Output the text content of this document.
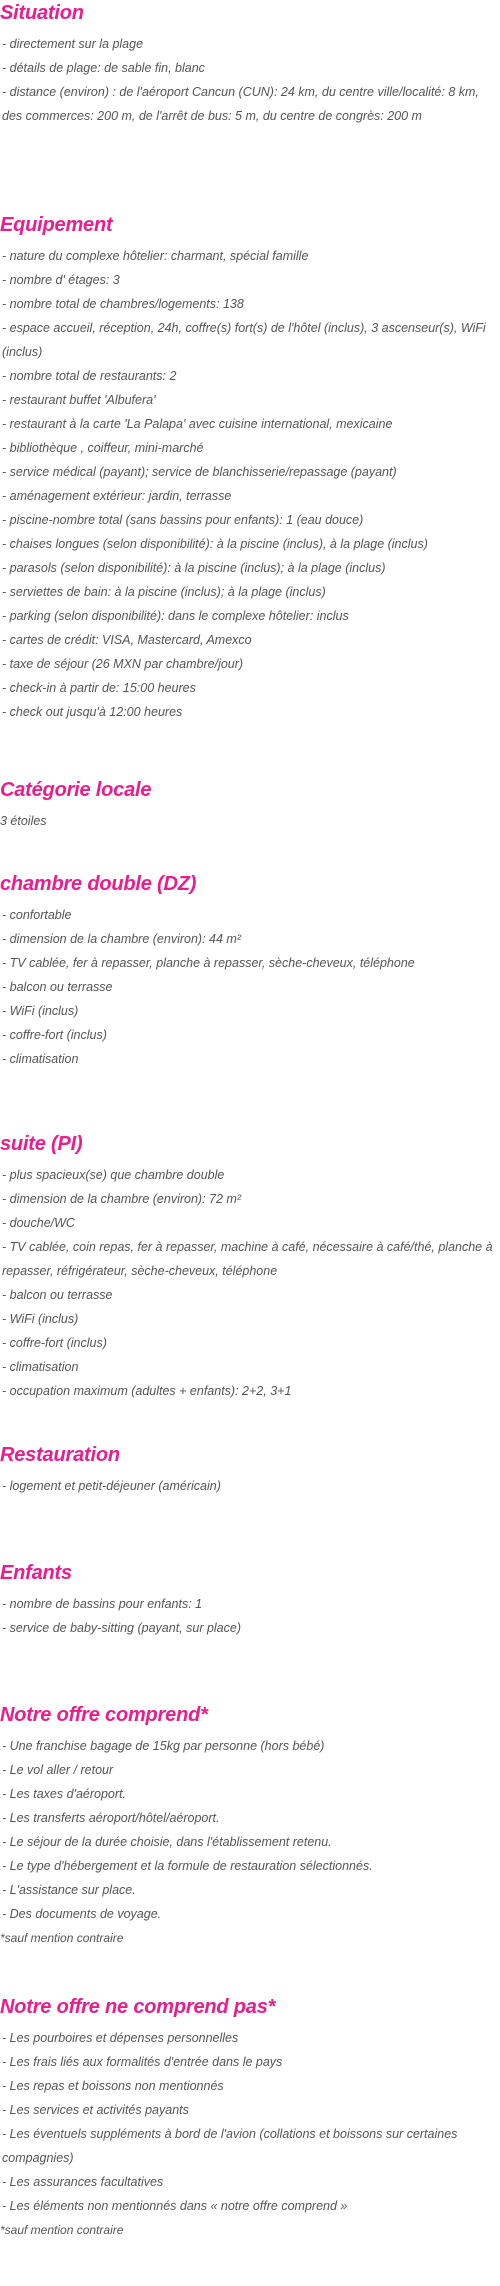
Situation
- directement sur la plage
- détails de plage: de sable fin, blanc
- distance (environ) : de l'aéroport Cancun (CUN): 24 km, du centre ville/localité: 8 km, des commerces: 200 m, de l'arrêt de bus: 5 m, du centre de congrès: 200 m
Equipement
- nature du complexe hôtelier: charmant, spécial famille
- nombre d' étages: 3
- nombre total de chambres/logements: 138
- espace accueil, réception, 24h, coffre(s) fort(s) de l'hôtel (inclus), 3 ascenseur(s), WiFi (inclus)
- nombre total de restaurants: 2
- restaurant buffet 'Albufera'
- restaurant à la carte 'La Palapa' avec cuisine international, mexicaine
- bibliothèque , coiffeur, mini-marché
- service médical (payant); service de blanchisserie/repassage (payant)
- aménagement extérieur: jardin, terrasse
- piscine-nombre total (sans bassins pour enfants): 1 (eau douce)
- chaises longues (selon disponibilité): à la piscine (inclus), à la plage (inclus)
- parasols (selon disponibilité): à la piscine (inclus); à la plage (inclus)
- serviettes de bain: à la piscine (inclus); à la plage (inclus)
- parking (selon disponibilité): dans le complexe hôtelier: inclus
- cartes de crédit: VISA, Mastercard, Amexco
- taxe de séjour (26 MXN par chambre/jour)
- check-in à partir de: 15:00 heures
- check out jusqu'à 12:00 heures
Catégorie locale

3 étoiles

chambre double (DZ)
- confortable
- dimension de la chambre (environ): 44 m²
- TV cablée, fer à repasser, planche à repasser, sèche-cheveux, téléphone
- balcon ou terrasse
- WiFi (inclus)
- coffre-fort (inclus)
- climatisation
suite (PI)
- plus spacieux(se) que chambre double
- dimension de la chambre (environ): 72 m²
- douche/WC
- TV cablée, coin repas, fer à repasser, machine à café, nécessaire à café/thé, planche à repasser, réfrigérateur, sèche-cheveux, téléphone
- balcon ou terrasse
- WiFi (inclus)
- coffre-fort (inclus)
- climatisation
- occupation maximum (adultes + enfants): 2+2, 3+1
Restauration
- logement et petit-déjeuner (américain)
Enfants
- nombre de bassins pour enfants: 1
- service de baby-sitting (payant, sur place)
Notre offre comprend*
- Une franchise bagage de 15kg par personne (hors bébé)
- Le vol aller / retour
- Les taxes d'aéroport.
- Les transferts aéroport/hôtel/aéroport.
- Le séjour de la durée choisie, dans l'établissement retenu.
- Le type d'hébergement et la formule de restauration sélectionnés.
- L'assistance sur place.
- Des documents de voyage.
*sauf mention contraire
Notre offre ne comprend pas*
- Les pourboires et dépenses personnelles
- Les frais liés aux formalités d'entrée dans le pays
- Les repas et boissons non mentionnés
- Les services et activités payants
- Les éventuels suppléments à bord de l'avion (collations et boissons sur certaines compagnies)
- Les assurances facultatives
- Les éléments non mentionnés dans « notre offre comprend »
*sauf mention contraire
